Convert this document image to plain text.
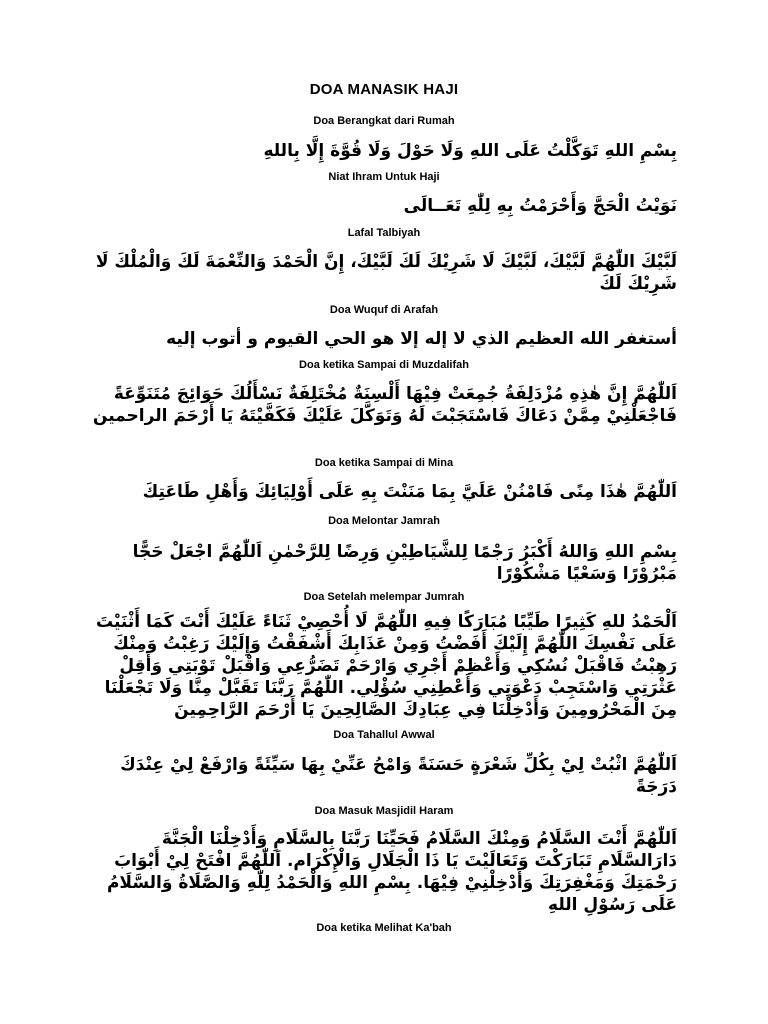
DOA MANASIK HAJI
Doa Berangkat dari Rumah
بِسْمِ اللهِ تَوَكَّلْتُ عَلَى اللهِ وَلَا حَوْلَ وَلَا قُوَّةَ إِلَّا بِاللهِ
Niat Ihram Untuk Haji
نَوَيْتُ الْحَجَّ وَأَحْرَمْتُ بِهِ لِلّٰهِ تَعَــالَى
Lafal Talbiyah
لَبَّيْكَ اللّٰهُمَّ لَبَّيْكَ، لَبَّيْكَ لَا شَرِيْكَ لَكَ لَبَّيْكَ، إِنَّ الْحَمْدَ وَالنِّعْمَةَ لَكَ وَالْمُلْكَ لَا شَرِيْكَ لَكَ
Doa Wuquf di Arafah
أستغفر الله العظيم الذي لا إله إلا هو الحي القيوم و أتوب إليه
Doa ketika Sampai di Muzdalifah
اَللّٰهُمَّ إِنَّ هٰذِهِ مُزْدَلِفَةُ جُمِعَتْ فِيْهَا أَلْسِنَةٌ مُخْتَلِفَةٌ نَسْأَلُكَ حَوَائِجَ مُتَنَوِّعَةً فَاجْعَلْنِيْ مِمَّنْ دَعَاكَ فَاسْتَجَبْتَ لَهُ وَتَوَكَّلَ عَلَيْكَ فَكَفَّيْتَهُ يَا أَرْحَمَ الراحمين
Doa ketika Sampai di Mina
اَللّٰهُمَّ هٰذَا مِنًى فَامْنُنْ عَلَيَّ بِمَا مَنَنْتَ بِهِ عَلَى أَوْلِيَائِكَ وَأَهْلِ طَاعَتِكَ
Doa Melontar Jamrah
بِسْمِ اللهِ وَاللهُ أَكْبَرُ رَجْمًا لِلشَّيَاطِيْنِ وَرِضًا لِلرَّحْمٰنِ اَللّٰهُمَّ اجْعَلْ حَجًّا مَبْرُوْرًا وَسَعْيًا مَشْكُوْرًا
Doa Setelah melempar Jumrah
اَلْحَمْدُ للهِ كَثِيرًا طَيِّبًا مُبَارَكًا فِيهِ اللّٰهُمَّ لَا أُحْصِيْ ثَنَاءً عَلَيْكَ أَنْتَ كَمَا أَثْنَيْتَ عَلَى نَفْسِكَ اللّٰهُمَّ إِلَيْكَ أَفَضْتُ وَمِنْ عَذَابِكَ أَشْفَقْتُ وَإِلَيْكَ رَغِبْتُ وَمِنْكَ رَهِبْتُ فَاقْبَلْ نُسُكِي وَأَعْظِمْ أَجْرِي وَارْحَمْ تَضَرُّعِي وَاقْبَلْ تَوْبَتِي وَأَقِلْ عَثْرَتِي وَاسْتَجِبْ دَعْوَتِي وَأَعْطِنِي سُؤْلِي. اللّٰهُمَّ رَبَّنَا تَقَبَّلْ مِنَّا وَلَا تَجْعَلْنَا مِنَ الْمَحْرُومِينَ وَأَدْخِلْنَا فِي عِبَادِكَ الصَّالِحِينَ يَا أَرْحَمَ الرَّاحِمِينَ
Doa Tahallul Awwal
اَللّٰهُمَّ اثْبُتْ لِيْ بِكُلِّ شَعْرَةٍ حَسَنَةً وَامْحُ عَنِّيْ بِهَا سَيِّئَةً وَارْفَعْ لِيْ عِنْدَكَ دَرَجَةً
Doa Masuk Masjidil Haram
اَللّٰهُمَّ أَنْتَ السَّلَامُ وَمِنْكَ السَّلَامُ فَحَيِّنَا رَبَّنَا بِالسَّلَامِ وَأَدْخِلْنَا الْجَنَّةَ دَارَالسَّلَامِ تَبَارَكْتَ وَتَعَالَيْتَ يَا ذَا الْجَلَالِ وَالْإِكْرَام. اَللّٰهُمَّ افْتَحْ لِيْ أَبْوَابَ رَحْمَتِكَ وَمَغْفِرَتِكَ وَأَدْخِلْنِيْ فِيْهَا. بِسْمِ اللهِ وَالْحَمْدُ لِلّٰهِ وَالصَّلَاةُ وَالسَّلَامُ عَلَى رَسُوْلِ اللهِ
Doa ketika Melihat Ka'bah
